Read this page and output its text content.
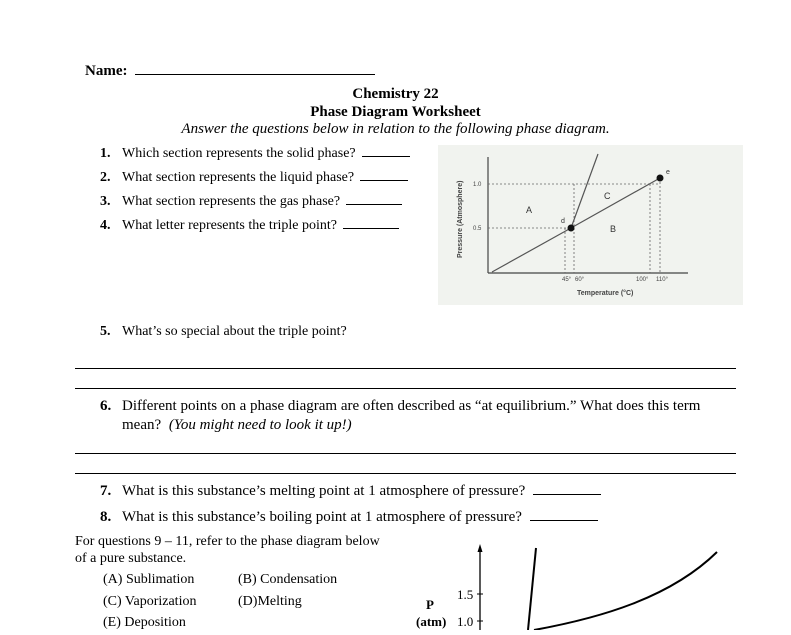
Name:
Chemistry 22
Phase Diagram Worksheet
Answer the questions below in relation to the following phase diagram.
1. Which section represents the solid phase?
2. What section represents the liquid phase?
3. What section represents the gas phase?
4. What letter represents the triple point?
1.0
0.5
d
e
A
B
C
45° 60°	100° 110°
Temperature (°C)
Pressure (Atmosphere)
5. What’s so special about the triple point?
6. Different points on a phase diagram are often described as “at equilibrium.” What does this term
mean? (You might need to look it up!)
7. What is this substance’s melting point at 1 atmosphere of pressure?
8. What is this substance’s boiling point at 1 atmosphere of pressure?
For questions 9 – 11, refer to the phase diagram below
of a pure substance.
(A) Sublimation	(B) Condensation
(C) Vaporization	(D)Melting
(E) Deposition
1.5
1.0
P
(atm)
